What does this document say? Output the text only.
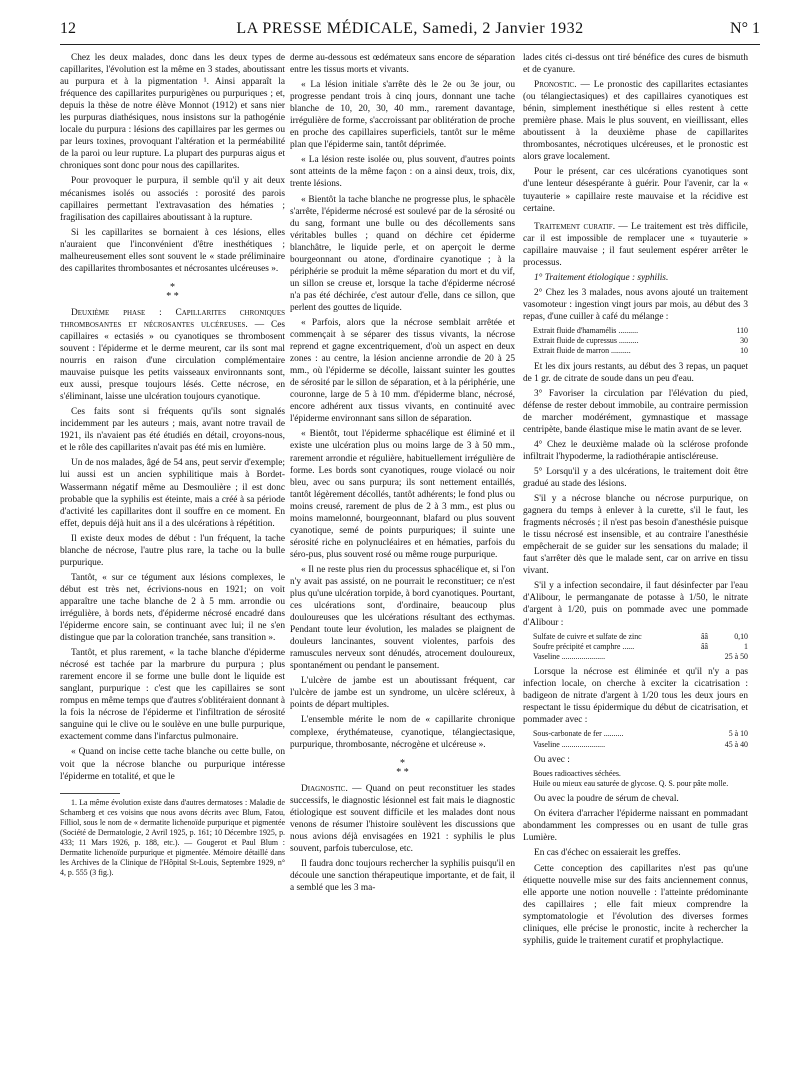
12	LA PRESSE MÉDICALE, Samedi, 2 Janvier 1932	N° 1

Chez les deux malades, donc dans les deux types de capillarites, l'évolution est la même en 3 stades, aboutissant au purpura et à la pigmentation ¹. Ainsi apparaît la fréquence des capillarites purpurigènes ou purpuriques ; et, depuis la thèse de notre élève Monnot (1912) et sans nier les purpuras diathésiques, nous insistons sur la pathogénie locale du purpura : lésions des capillaires par les germes ou par leurs toxines, provoquant l'altération et la perméabilité de la paroi ou leur rupture. La plupart des purpuras aigus et chroniques sont donc pour nous des capillarites.

Pour provoquer le purpura, il semble qu'il y ait deux mécanismes isolés ou associés : porosité des parois capillaires permettant l'extravasation des hématies ; fragilisation des capillaires aboutissant à la rupture.

Si les capillarites se bornaient à ces lésions, elles n'auraient que l'inconvénient d'être inesthétiques ; malheureusement elles sont souvent le « stade préliminaire des capillarites thrombosantes et nécrosantes ulcéreuses ».

*
* *

Deuxième phase : Capillarites chroniques thrombosantes et nécrosantes ulcéreuses. — Ces capillaires « ectasiés » ou cyanotiques se thrombosent souvent : l'épiderme et le derme meurent, car ils sont mal nourris en raison d'une circulation complémentaire mauvaise puisque les petits vaisseaux environnants sont, eux aussi, presque toujours lésés. Cette nécrose, en s'éliminant, laisse une ulcération toujours cyanotique.

Ces faits sont si fréquents qu'ils sont signalés incidemment par les auteurs ; mais, avant notre travail de 1921, ils n'avaient pas été étudiés en détail, croyons-nous, et le rôle des capillarites n'avait pas été mis en lumière.

Un de nos malades, âgé de 54 ans, peut servir d'exemple; lui aussi est un ancien syphilitique mais à Bordet-Wassermann négatif même au Desmoulière ; il est donc probable que la syphilis est éteinte, mais a créé à sa période d'activité les capillarites dont il souffre en ce moment. En effet, depuis déjà huit ans il a des ulcérations à répétition.

Il existe deux modes de début : l'un fréquent, la tache blanche de nécrose, l'autre plus rare, la tache ou la bulle purpurique.

Tantôt, « sur ce tégument aux lésions complexes, le début est très net, écrivions-nous en 1921; on voit apparaître une tache blanche de 2 à 5 mm. arrondie ou irrégulière, à bords nets, d'épiderme nécrosé encadré dans l'épiderme encore sain, se continuant avec lui; il ne s'en distingue que par la coloration tranchée, sans transition ».

Tantôt, et plus rarement, « la tache blanche d'épiderme nécrosé est tachée par la marbrure du purpura ; plus rarement encore il se forme une bulle dont le liquide est sanglant, purpurique : c'est que les capillaires se sont rompus en même temps que d'autres s'oblitéraient donnant à la fois la nécrose de l'épiderme et l'infiltration de sérosité sanguine qui le clive ou le soulève en une bulle purpurique, exactement comme dans l'infarctus pulmonaire.

« Quand on incise cette tache blanche ou cette bulle, on voit que la nécrose blanche ou purpurique intéresse l'épiderme en totalité, et que le

1. La même évolution existe dans d'autres dermatoses : Maladie de Schamberg et ces voisins que nous avons décrits avec Blum, Fatou, Filliol, sous le nom de « dermatite lichenoïde purpurique et pigmentée (Société de Dermatologie, 2 Avril 1925, p. 161; 10 Décembre 1925, p. 433; 11 Mars 1926, p. 188, etc.). — Gougerot et Paul Blum : Dermatite lichenoïde purpurique et pigmentée. Mémoire détaillé dans les Archives de la Clinique de l'Hôpital St-Louis, Septembre 1929, n° 4, p. 555 (3 fig.).

derme au-dessous est œdémateux sans encore de séparation entre les tissus morts et vivants.

« La lésion initiale s'arrête dès le 2e ou 3e jour, ou progresse pendant trois à cinq jours, donnant une tache blanche de 10, 20, 30, 40 mm., rarement davantage, irrégulière de forme, s'accroissant par oblitération de proche en proche des capillaires superficiels, tantôt sur le même plan que l'épiderme sain, tantôt déprimée.

« La lésion reste isolée ou, plus souvent, d'autres points sont atteints de la même façon : on a ainsi deux, trois, dix, trente lésions.

« Bientôt la tache blanche ne progresse plus, le sphacèle s'arrête, l'épiderme nécrosé est soulevé par de la sérosité ou du sang, formant une bulle ou des décollements sans véritables bulles ; quand on déchire cet épiderme blanchâtre, le liquide perle, et on aperçoit le derme bourgeonnant ou atone, d'ordinaire cyanotique ; à la périphérie se produit la même séparation du mort et du vif, un sillon se creuse et, lorsque la tache d'épiderme nécrosé n'a pas été déchirée, c'est autour d'elle, dans ce sillon, que perlent des gouttes de liquide.

« Parfois, alors que la nécrose semblait arrêtée et commençait à se séparer des tissus vivants, la nécrose reprend et gagne excentriquement, d'où un aspect en deux zones : au centre, la lésion ancienne arrondie de 20 à 25 mm., où l'épiderme se décolle, laissant suinter les gouttes de sérosité par le sillon de séparation, et à la périphérie, une couronne, large de 5 à 10 mm. d'épiderme blanc, nécrosé, encore adhérent aux tissus vivants, en continuité avec l'épiderme environnant sans sillon de séparation.

« Bientôt, tout l'épiderme sphacélique est éliminé et il existe une ulcération plus ou moins large de 3 à 50 mm., rarement arrondie et régulière, habituellement irrégulière de forme. Les bords sont cyanotiques, rouge violacé ou noir bleu, avec ou sans purpura; ils sont nettement entaillés, tantôt légèrement décollés, tantôt adhérents; le fond plus ou moins creusé, rarement de plus de 2 à 3 mm., est plus ou moins mamelonné, bourgeonnant, blafard ou plus souvent cyanotique, semé de points purpuriques; il suinte une sérosité riche en polynucléaires et en hématies, parfois du séro-pus, plus souvent rosé ou même rouge purpurique.

« Il ne reste plus rien du processus sphacélique et, si l'on n'y avait pas assisté, on ne pourrait le reconstituer; ce n'est plus qu'une ulcération torpide, à bord cyanotiques. Pourtant, ces ulcérations sont, d'ordinaire, beaucoup plus douloureuses que les ulcérations résultant des ecthymas. Pendant toute leur évolution, les malades se plaignent de douleurs lancinantes, souvent violentes, parfois des ramuscules nerveux sont dénudés, atrocement douloureux, spontanément ou pendant le pansement.

L'ulcère de jambe est un aboutissant fréquent, car l'ulcère de jambe est un syndrome, un ulcère scléreux, à points de départ multiples.

L'ensemble mérite le nom de « capillarite chronique complexe, érythémateuse, cyanotique, télangiectasique, purpurique, thrombosante, nécrogène et ulcéreuse ».

*
* *

Diagnostic. — Quand on peut reconstituer les stades successifs, le diagnostic lésionnel est fait mais le diagnostic étiologique est souvent difficile et les malades dont nous venons de résumer l'histoire soulèvent les discussions que nous avions déjà envisagées en 1921 : syphilis le plus souvent, parfois tuberculose, etc.

Il faudra donc toujours rechercher la syphilis puisqu'il en découle une sanction thérapeutique importante, et de fait, il a semblé que les 3 ma-

lades cités ci-dessus ont tiré bénéfice des cures de bismuth et de cyanure.

Pronostic. — Le pronostic des capillarites ectasiantes (ou télangiectasiques) et des capillaires cyanotiques est bénin, simplement inesthétique si elles restent à cette première phase. Mais le plus souvent, en vieillissant, elles aboutissent à la deuxième phase de capillarites thrombosantes, nécrotiques ulcéreuses, et le pronostic est alors grave localement.

Pour le présent, car ces ulcérations cyanotiques sont d'une lenteur désespérante à guérir. Pour l'avenir, car la « tuyauterie » capillaire reste mauvaise et la récidive est certaine.

Traitement curatif. — Le traitement est très difficile, car il est impossible de remplacer une « tuyauterie » capillaire mauvaise ; il faut seulement espérer arrêter le processus.

1° Traitement étiologique : syphilis.

2° Chez les 3 malades, nous avons ajouté un traitement vasomoteur : ingestion vingt jours par mois, au début des 3 repas, d'une cuiller à café du mélange :

Extrait fluide d'hamamélis ..........	110
Extrait fluide de cupressus ..........	30
Extrait fluide de marron ..........	10

Et les dix jours restants, au début des 3 repas, un paquet de 1 gr. de citrate de soude dans un peu d'eau.

3° Favoriser la circulation par l'élévation du pied, défense de rester debout immobile, au contraire permission de marcher modérément, gymnastique et massage centripète, bande élastique mise le matin avant de se lever.

4° Chez le deuxième malade où la sclérose profonde infiltrait l'hypoderme, la radiothérapie antiscléreuse.

5° Lorsqu'il y a des ulcérations, le traitement doit être gradué au stade des lésions.

S'il y a nécrose blanche ou nécrose purpurique, on gagnera du temps à enlever à la curette, s'il le faut, les fragments nécrosés ; il n'est pas besoin d'anesthésie puisque le tissu nécrosé est insensible, et au contraire l'anesthésie empêcherait de se guider sur les sensations du malade; il faut s'arrêter dès que le malade sent, car on arrive en tissu vivant.

S'il y a infection secondaire, il faut désinfecter par l'eau d'Alibour, le permanganate de potasse à 1/50, le nitrate d'argent à 1/20, puis on pommade avec une pommade d'Alibour :

Sulfate de cuivre et sulfate de zinc	ââ	0,10
Soufre précipité et camphre ......	ââ	1
Vaseline ......................	25 à 50

Lorsque la nécrose est éliminée et qu'il n'y a pas infection locale, on cherche à exciter la cicatrisation : badigeon de nitrate d'argent à 1/20 tous les deux jours en respectant le tissu épidermique du début de cicatrisation, et pommader avec :

Sous-carbonate de fer ..........	5 à 10
Vaseline ......................	45 à 40

Ou avec :

Boues radioactives séchées.
Huile ou mieux eau saturée de glycose. Q. S. pour pâte molle.

Ou avec la poudre de sérum de cheval.

On évitera d'arracher l'épiderme naissant en pommadant abondamment les compresses ou en usant de tulle gras Lumière.

En cas d'échec on essaierait les greffes.

Cette conception des capillarites n'est pas qu'une étiquette nouvelle mise sur des faits anciennement connus, elle apporte une notion nouvelle : l'atteinte prédominante des capillaires ; elle fait mieux comprendre la symptomatologie et l'évolution des diverses formes cliniques, elle précise le pronostic, incite à rechercher la syphilis, guide le traitement curatif et prophylactique.
